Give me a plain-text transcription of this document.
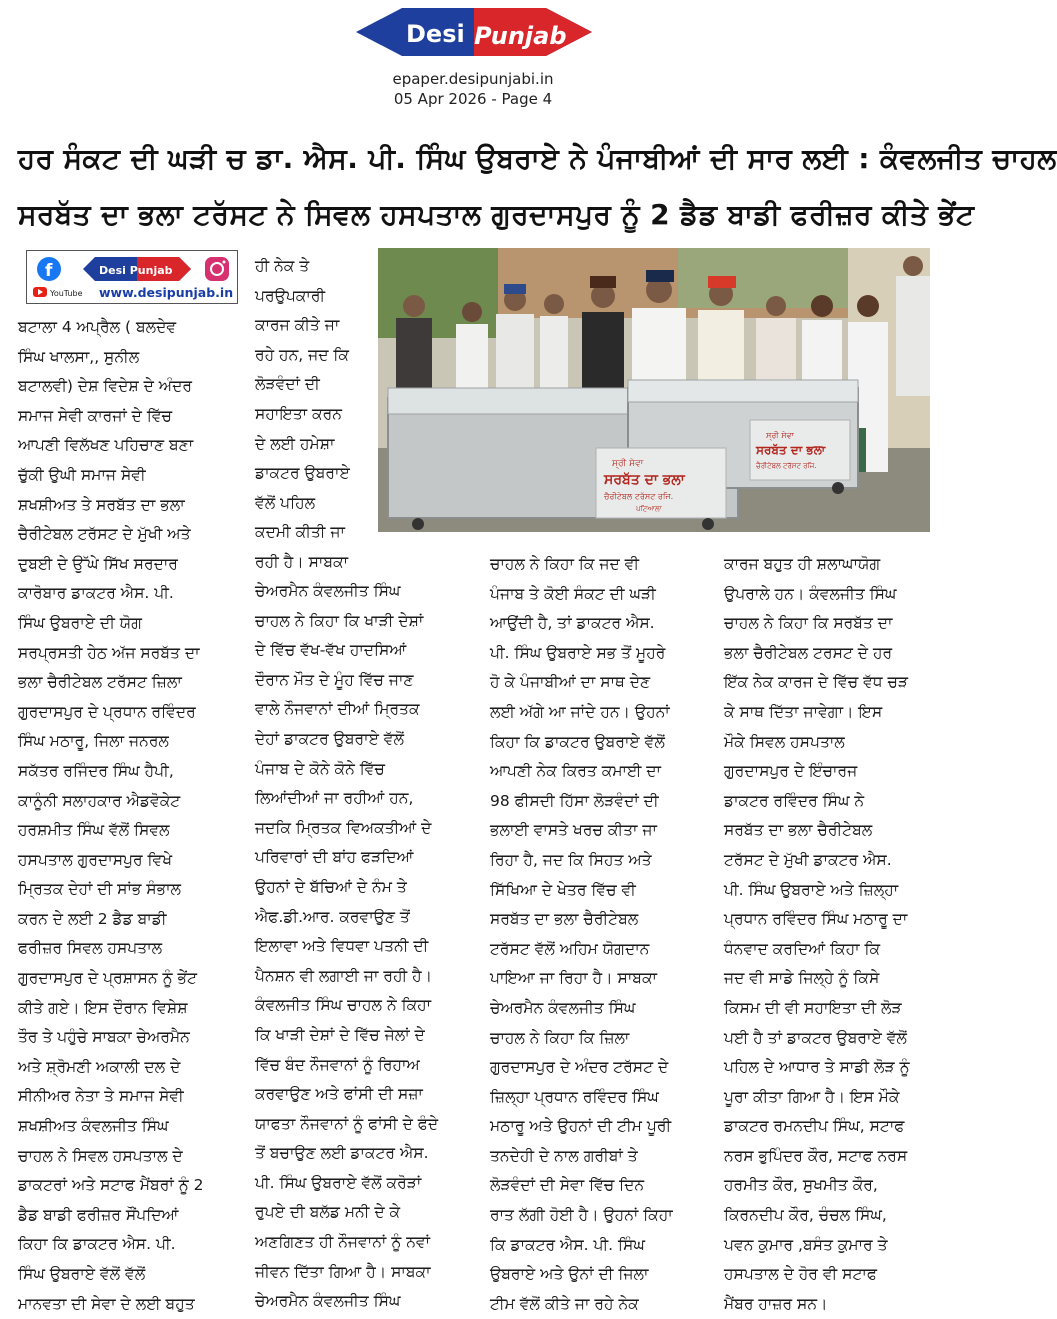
Desi Punjab
epaper.desipunjabi.in
05 Apr 2026 - Page 4
ਹਰ ਸੰਕਟ ਦੀ ਘੜੀ ਚ ਡਾ. ਐਸ. ਪੀ. ਸਿੰਘ ਉਬਰਾਏ ਨੇ ਪੰਜਾਬੀਆਂ ਦੀ ਸਾਰ ਲਈ : ਕੰਵਲਜੀਤ ਚਾਹਲ
ਸਰਬੱਤ ਦਾ ਭਲਾ ਟਰੱਸਟ ਨੇ ਸਿਵਲ ਹਸਪਤਾਲ ਗੁਰਦਾਸਪੁਰ ਨੂੰ 2 ਡੈਡ ਬਾਡੀ ਫਰੀਜ਼ਰ ਕੀਤੇ ਭੇਂਟ
f	Desi Punjab
YouTube www.desipunjab.in
ਸ੍ਰੀ ਸੇਵਾ
ਸਰਬੱਤ ਦਾ ਭਲਾ
ਚੈਰੀਟੇਬਲ ਟਰੱਸਟ ਰਜਿ.
ਪਟਿਆਲਾ
ਸ੍ਰੀ ਸੇਵਾ
ਸਰਬੱਤ ਦਾ ਭਲਾ
ਚੈਰੀਟੇਬਲ ਟਰੱਸਟ ਰਜਿ.
ਬਟਾਲਾ 4 ਅਪ੍ਰੈਲ ( ਬਲਦੇਵ
ਸਿੰਘ ਖਾਲਸਾ,, ਸੁਨੀਲ
ਬਟਾਲਵੀ) ਦੇਸ਼ ਵਿਦੇਸ਼ ਦੇ ਅੰਦਰ
ਸਮਾਜ ਸੇਵੀ ਕਾਰਜਾਂ ਦੇ ਵਿੱਚ
ਆਪਣੀ ਵਿਲੱਖਣ ਪਹਿਚਾਣ ਬਣਾ
ਚੁੱਕੀ ਉਘੀ ਸਮਾਜ ਸੇਵੀ
ਸ਼ਖਸ਼ੀਅਤ ਤੇ ਸਰਬੱਤ ਦਾ ਭਲਾ
ਚੈਰੀਟੇਬਲ ਟਰੱਸਟ ਦੇ ਮੁੱਖੀ ਅਤੇ
ਦੁਬਈ ਦੇ ਉੱਘੇ ਸਿੱਖ ਸਰਦਾਰ
ਕਾਰੋਬਾਰ ਡਾਕਟਰ ਐਸ. ਪੀ.
ਸਿੰਘ ਉਬਰਾਏ ਦੀ ਯੋਗ
ਸਰਪ੍ਰਸਤੀ ਹੇਠ ਅੱਜ ਸਰਬੱਤ ਦਾ
ਭਲਾ ਚੈਰੀਟੇਬਲ ਟਰੱਸਟ ਜ਼ਿਲਾ
ਗੁਰਦਾਸਪੁਰ ਦੇ ਪ੍ਰਧਾਨ ਰਵਿੰਦਰ
ਸਿੰਘ ਮਠਾਰੂ, ਜਿਲਾ ਜਨਰਲ
ਸਕੱਤਰ ਰਜਿੰਦਰ ਸਿੰਘ ਹੈਪੀ,
ਕਾਨੂੰਨੀ ਸਲਾਹਕਾਰ ਐਡਵੋਕੇਟ
ਹਰਸ਼ਮੀਤ ਸਿੰਘ ਵੱਲੋਂ ਸਿਵਲ
ਹਸਪਤਾਲ ਗੁਰਦਾਸਪੁਰ ਵਿਖੇ
ਮ੍ਰਿਤਕ ਦੇਹਾਂ ਦੀ ਸਾਂਭ ਸੰਭਾਲ
ਕਰਨ ਦੇ ਲਈ 2 ਡੈਡ ਬਾਡੀ
ਫਰੀਜ਼ਰ ਸਿਵਲ ਹਸਪਤਾਲ
ਗੁਰਦਾਸਪੁਰ ਦੇ ਪ੍ਰਸ਼ਾਸਨ ਨੂੰ ਭੇਂਟ
ਕੀਤੇ ਗਏ। ਇਸ ਦੌਰਾਨ ਵਿਸ਼ੇਸ਼
ਤੌਰ ਤੇ ਪਹੁੰਚੇ ਸਾਬਕਾ ਚੇਅਰਮੈਨ
ਅਤੇ ਸ਼੍ਰੋਮਣੀ ਅਕਾਲੀ ਦਲ ਦੇ
ਸੀਨੀਅਰ ਨੇਤਾ ਤੇ ਸਮਾਜ ਸੇਵੀ
ਸ਼ਖਸ਼ੀਅਤ ਕੰਵਲਜੀਤ ਸਿੰਘ
ਚਾਹਲ ਨੇ ਸਿਵਲ ਹਸਪਤਾਲ ਦੇ
ਡਾਕਟਰਾਂ ਅਤੇ ਸਟਾਫ ਮੈਂਬਰਾਂ ਨੂੰ 2
ਡੈਡ ਬਾਡੀ ਫਰੀਜ਼ਰ ਸੌਂਪਦਿਆਂ
ਕਿਹਾ ਕਿ ਡਾਕਟਰ ਐਸ. ਪੀ.
ਸਿੰਘ ਉਬਰਾਏ ਵੱਲੋਂ ਵੱਲੋਂ
ਮਾਨਵਤਾ ਦੀ ਸੇਵਾ ਦੇ ਲਈ ਬਹੁਤ
ਹੀ ਨੇਕ ਤੇ
ਪਰਉਪਕਾਰੀ
ਕਾਰਜ ਕੀਤੇ ਜਾ
ਰਹੇ ਹਨ, ਜਦ ਕਿ
ਲੋੜਵੰਦਾਂ ਦੀ
ਸਹਾਇਤਾ ਕਰਨ
ਦੇ ਲਈ ਹਮੇਸ਼ਾ
ਡਾਕਟਰ ਉਬਰਾਏ
ਵੱਲੋਂ ਪਹਿਲ
ਕਦਮੀ ਕੀਤੀ ਜਾ
ਰਹੀ ਹੈ। ਸਾਬਕਾ
ਚੇਅਰਮੈਨ ਕੰਵਲਜੀਤ ਸਿੰਘ
ਚਾਹਲ ਨੇ ਕਿਹਾ ਕਿ ਖਾੜੀ ਦੇਸ਼ਾਂ
ਦੇ ਵਿੱਚ ਵੱਖ-ਵੱਖ ਹਾਦਸਿਆਂ
ਦੌਰਾਨ ਮੌਤ ਦੇ ਮੂੰਹ ਵਿੱਚ ਜਾਣ
ਵਾਲੇ ਨੌਜਵਾਨਾਂ ਦੀਆਂ ਮ੍ਰਿਤਕ
ਦੇਹਾਂ ਡਾਕਟਰ ਉਬਰਾਏ ਵੱਲੋਂ
ਪੰਜਾਬ ਦੇ ਕੋਨੇ ਕੋਨੇ ਵਿੱਚ
ਲਿਆਂਦੀਆਂ ਜਾ ਰਹੀਆਂ ਹਨ,
ਜਦਕਿ ਮ੍ਰਿਤਕ ਵਿਅਕਤੀਆਂ ਦੇ
ਪਰਿਵਾਰਾਂ ਦੀ ਬਾਂਹ ਫੜਦਿਆਂ
ਉਹਨਾਂ ਦੇ ਬੱਚਿਆਂ ਦੇ ਨੰਮ ਤੇ
ਐਫ.ਡੀ.ਆਰ. ਕਰਵਾਉਣ ਤੋਂ
ਇਲਾਵਾ ਅਤੇ ਵਿਧਵਾ ਪਤਨੀ ਦੀ
ਪੈਨਸ਼ਨ ਵੀ ਲਗਾਈ ਜਾ ਰਹੀ ਹੈ।
ਕੰਵਲਜੀਤ ਸਿੰਘ ਚਾਹਲ ਨੇ ਕਿਹਾ
ਕਿ ਖਾੜੀ ਦੇਸ਼ਾਂ ਦੇ ਵਿੱਚ ਜੇਲਾਂ ਦੇ
ਵਿੱਚ ਬੰਦ ਨੌਜਵਾਨਾਂ ਨੂੰ ਰਿਹਾਅ
ਕਰਵਾਉਣ ਅਤੇ ਫਾਂਸੀ ਦੀ ਸਜ਼ਾ
ਯਾਫਤਾ ਨੌਜਵਾਨਾਂ ਨੂੰ ਫਾਂਸੀ ਦੇ ਫੰਦੇ
ਤੋਂ ਬਚਾਉਣ ਲਈ ਡਾਕਟਰ ਐਸ.
ਪੀ. ਸਿੰਘ ਉਬਰਾਏ ਵੱਲੋਂ ਕਰੋੜਾਂ
ਰੁਪਏ ਦੀ ਬਲੱਡ ਮਨੀ ਦੇ ਕੇ
ਅਣਗਿਣਤ ਹੀ ਨੌਜਵਾਨਾਂ ਨੂੰ ਨਵਾਂ
ਜੀਵਨ ਦਿੱਤਾ ਗਿਆ ਹੈ। ਸਾਬਕਾ
ਚੇਅਰਮੈਨ ਕੰਵਲਜੀਤ ਸਿੰਘ
ਚਾਹਲ ਨੇ ਕਿਹਾ ਕਿ ਜਦ ਵੀ
ਪੰਜਾਬ ਤੇ ਕੋਈ ਸੰਕਟ ਦੀ ਘੜੀ
ਆਉਂਦੀ ਹੈ, ਤਾਂ ਡਾਕਟਰ ਐਸ.
ਪੀ. ਸਿੰਘ ਉਬਰਾਏ ਸਭ ਤੋਂ ਮੂਹਰੇ
ਹੋ ਕੇ ਪੰਜਾਬੀਆਂ ਦਾ ਸਾਥ ਦੇਣ
ਲਈ ਅੱਗੇ ਆ ਜਾਂਦੇ ਹਨ। ਉਹਨਾਂ
ਕਿਹਾ ਕਿ ਡਾਕਟਰ ਉਬਰਾਏ ਵੱਲੋਂ
ਆਪਣੀ ਨੇਕ ਕਿਰਤ ਕਮਾਈ ਦਾ
98 ਫੀਸਦੀ ਹਿੱਸਾ ਲੋੜਵੰਦਾਂ ਦੀ
ਭਲਾਈ ਵਾਸਤੇ ਖਰਚ ਕੀਤਾ ਜਾ
ਰਿਹਾ ਹੈ, ਜਦ ਕਿ ਸਿਹਤ ਅਤੇ
ਸਿੱਖਿਆ ਦੇ ਖੇਤਰ ਵਿੱਚ ਵੀ
ਸਰਬੱਤ ਦਾ ਭਲਾ ਚੈਰੀਟੇਬਲ
ਟਰੱਸਟ ਵੱਲੋਂ ਅਹਿਮ ਯੋਗਦਾਨ
ਪਾਇਆ ਜਾ ਰਿਹਾ ਹੈ। ਸਾਬਕਾ
ਚੇਅਰਮੈਨ ਕੰਵਲਜੀਤ ਸਿੰਘ
ਚਾਹਲ ਨੇ ਕਿਹਾ ਕਿ ਜ਼ਿਲਾ
ਗੁਰਦਾਸਪੁਰ ਦੇ ਅੰਦਰ ਟਰੱਸਟ ਦੇ
ਜ਼ਿਲ੍ਹਾ ਪ੍ਰਧਾਨ ਰਵਿੰਦਰ ਸਿੰਘ
ਮਠਾਰੂ ਅਤੇ ਉਹਨਾਂ ਦੀ ਟੀਮ ਪੂਰੀ
ਤਨਦੇਹੀ ਦੇ ਨਾਲ ਗਰੀਬਾਂ ਤੇ
ਲੋੜਵੰਦਾਂ ਦੀ ਸੇਵਾ ਵਿੱਚ ਦਿਨ
ਰਾਤ ਲੱਗੀ ਹੋਈ ਹੈ। ਉਹਨਾਂ ਕਿਹਾ
ਕਿ ਡਾਕਟਰ ਐਸ. ਪੀ. ਸਿੰਘ
ਉਬਰਾਏ ਅਤੇ ਉਨਾਂ ਦੀ ਜਿਲਾ
ਟੀਮ ਵੱਲੋਂ ਕੀਤੇ ਜਾ ਰਹੇ ਨੇਕ
ਕਾਰਜ ਬਹੁਤ ਹੀ ਸ਼ਲਾਘਾਯੋਗ
ਉਪਰਾਲੇ ਹਨ। ਕੰਵਲਜੀਤ ਸਿੰਘ
ਚਾਹਲ ਨੇ ਕਿਹਾ ਕਿ ਸਰਬੱਤ ਦਾ
ਭਲਾ ਚੈਰੀਟੇਬਲ ਟਰਸਟ ਦੇ ਹਰ
ਇੱਕ ਨੇਕ ਕਾਰਜ ਦੇ ਵਿੱਚ ਵੱਧ ਚੜ
ਕੇ ਸਾਥ ਦਿੱਤਾ ਜਾਵੇਗਾ। ਇਸ
ਮੌਕੇ ਸਿਵਲ ਹਸਪਤਾਲ
ਗੁਰਦਾਸਪੁਰ ਦੇ ਇੰਚਾਰਜ
ਡਾਕਟਰ ਰਵਿੰਦਰ ਸਿੰਘ ਨੇ
ਸਰਬੱਤ ਦਾ ਭਲਾ ਚੈਰੀਟੇਬਲ
ਟਰੱਸਟ ਦੇ ਮੁੱਖੀ ਡਾਕਟਰ ਐਸ.
ਪੀ. ਸਿੰਘ ਉਬਰਾਏ ਅਤੇ ਜ਼ਿਲ੍ਹਾ
ਪ੍ਰਧਾਨ ਰਵਿੰਦਰ ਸਿੰਘ ਮਠਾਰੂ ਦਾ
ਧੰਨਵਾਦ ਕਰਦਿਆਂ ਕਿਹਾ ਕਿ
ਜਦ ਵੀ ਸਾਡੇ ਜਿਲ੍ਹੇ ਨੂੰ ਕਿਸੇ
ਕਿਸਮ ਦੀ ਵੀ ਸਹਾਇਤਾ ਦੀ ਲੋੜ
ਪਈ ਹੈ ਤਾਂ ਡਾਕਟਰ ਉਬਰਾਏ ਵੱਲੋਂ
ਪਹਿਲ ਦੇ ਆਧਾਰ ਤੇ ਸਾਡੀ ਲੋੜ ਨੂੰ
ਪੂਰਾ ਕੀਤਾ ਗਿਆ ਹੈ। ਇਸ ਮੌਕੇ
ਡਾਕਟਰ ਰਮਨਦੀਪ ਸਿੰਘ, ਸਟਾਫ
ਨਰਸ ਭੁਪਿੰਦਰ ਕੌਰ, ਸਟਾਫ ਨਰਸ
ਹਰਮੀਤ ਕੌਰ, ਸੁਖਮੀਤ ਕੌਰ,
ਕਿਰਨਦੀਪ ਕੌਰ, ਚੰਚਲ ਸਿੰਘ,
ਪਵਨ ਕੁਮਾਰ ,ਬਸੰਤ ਕੁਮਾਰ ਤੇ
ਹਸਪਤਾਲ ਦੇ ਹੋਰ ਵੀ ਸਟਾਫ
ਮੈਂਬਰ ਹਾਜ਼ਰ ਸਨ।
